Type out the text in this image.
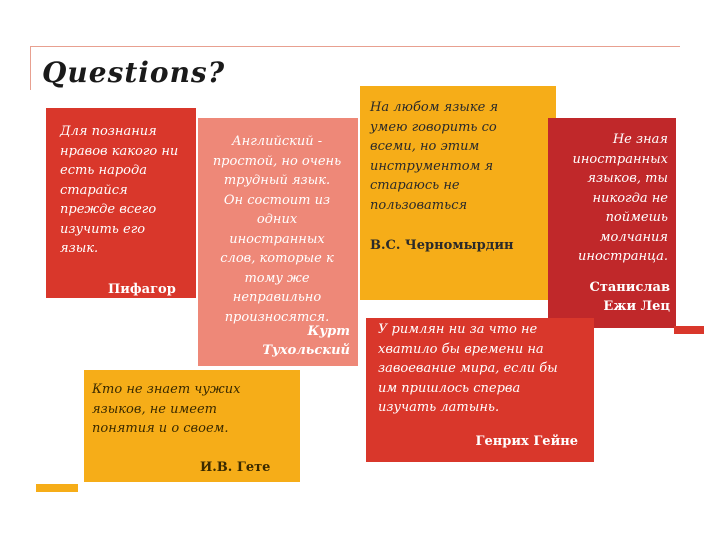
Questions?
Для познания
нравов какого ни
есть народа
старайся
прежде всего
изучить его
язык.
Пифагор
Английский -
простой, но очень
трудный язык.
Он состоит из
одних
иностранных
слов, которые к
тому же
неправильно
произносятся.
Курт
Тухольский
На любом языке я
умею говорить со
всеми, но этим
инструментом я
стараюсь не
пользоваться
В.С. Черномырдин
Не зная
иностранных
языков, ты
никогда не
поймешь
молчания
иностранца.
Станислав
Ежи Лец
У римлян ни за что не
хватило бы времени на
завоевание мира, если бы
им пришлось сперва
изучать латынь.
Генрих Гейне
Кто не знает чужих
языков, не имеет
понятия и о своем.
И.В. Гете
